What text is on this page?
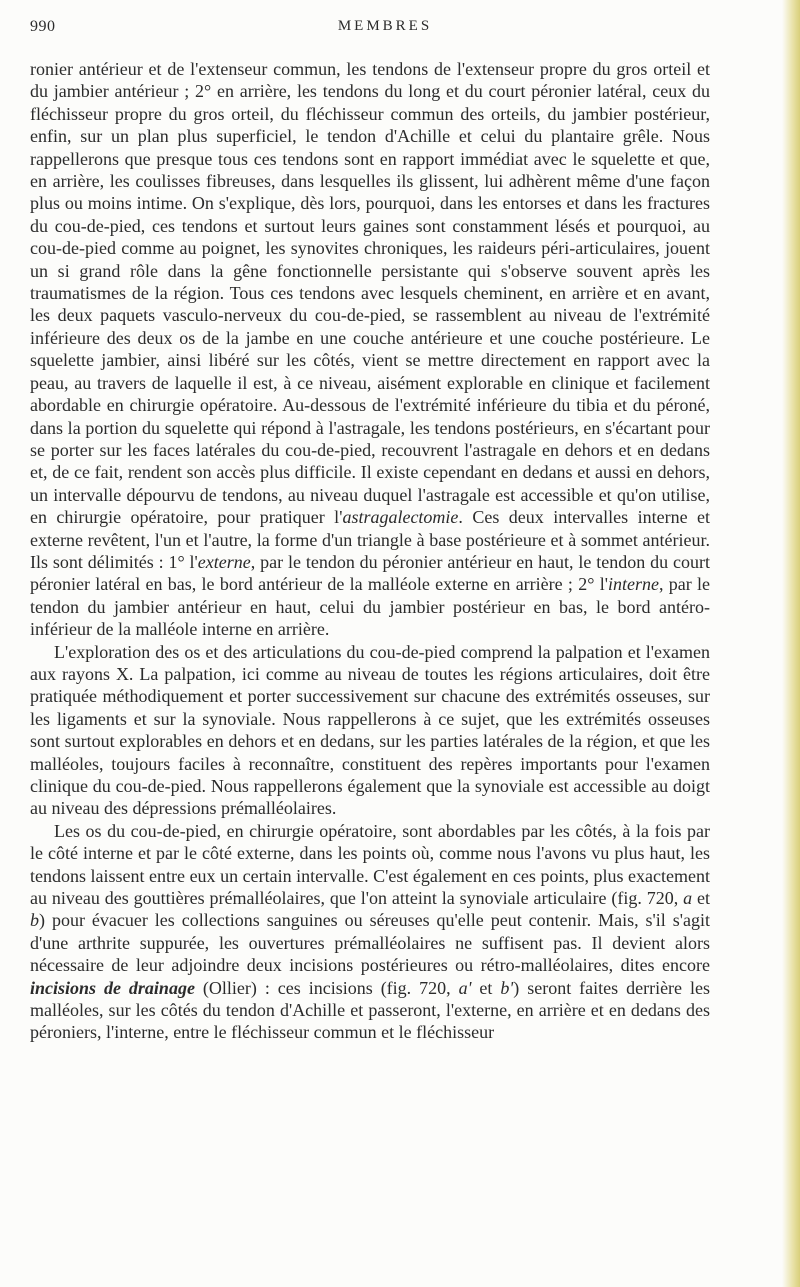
990	MEMBRES

ronier antérieur et de l'extenseur commun, les tendons de l'extenseur propre du gros orteil et du jambier antérieur ; 2° en arrière, les tendons du long et du court péronier latéral, ceux du fléchisseur propre du gros orteil, du fléchisseur commun des orteils, du jambier postérieur, enfin, sur un plan plus superficiel, le tendon d'Achille et celui du plantaire grêle. Nous rappellerons que presque tous ces tendons sont en rapport immédiat avec le squelette et que, en arrière, les coulisses fibreuses, dans lesquelles ils glissent, lui adhèrent même d'une façon plus ou moins intime. On s'explique, dès lors, pourquoi, dans les entorses et dans les fractures du cou-de-pied, ces tendons et surtout leurs gaines sont constamment lésés et pourquoi, au cou-de-pied comme au poignet, les synovites chroniques, les raideurs péri-articulaires, jouent un si grand rôle dans la gêne fonctionnelle persistante qui s'observe souvent après les traumatismes de la région. Tous ces tendons avec lesquels cheminent, en arrière et en avant, les deux paquets vasculo-nerveux du cou-de-pied, se rassemblent au niveau de l'extrémité inférieure des deux os de la jambe en une couche antérieure et une couche postérieure. Le squelette jambier, ainsi libéré sur les côtés, vient se mettre directement en rapport avec la peau, au travers de laquelle il est, à ce niveau, aisément explorable en clinique et facilement abordable en chirurgie opératoire. Au-dessous de l'extrémité inférieure du tibia et du péroné, dans la portion du squelette qui répond à l'astragale, les tendons postérieurs, en s'écartant pour se porter sur les faces latérales du cou-de-pied, recouvrent l'astragale en dehors et en dedans et, de ce fait, rendent son accès plus difficile. Il existe cependant en dedans et aussi en dehors, un intervalle dépourvu de tendons, au niveau duquel l'astragale est accessible et qu'on utilise, en chirurgie opératoire, pour pratiquer l'astragalectomie. Ces deux intervalles interne et externe revêtent, l'un et l'autre, la forme d'un triangle à base postérieure et à sommet antérieur. Ils sont délimités : 1° l'externe, par le tendon du péronier antérieur en haut, le tendon du court péronier latéral en bas, le bord antérieur de la malléole externe en arrière ; 2° l'interne, par le tendon du jambier antérieur en haut, celui du jambier postérieur en bas, le bord antéro-inférieur de la malléole interne en arrière.

L'exploration des os et des articulations du cou-de-pied comprend la palpation et l'examen aux rayons X. La palpation, ici comme au niveau de toutes les régions articulaires, doit être pratiquée méthodiquement et porter successivement sur chacune des extrémités osseuses, sur les ligaments et sur la synoviale. Nous rappellerons à ce sujet, que les extrémités osseuses sont surtout explorables en dehors et en dedans, sur les parties latérales de la région, et que les malléoles, toujours faciles à reconnaître, constituent des repères importants pour l'examen clinique du cou-de-pied. Nous rappellerons également que la synoviale est accessible au doigt au niveau des dépressions prémalléolaires.

Les os du cou-de-pied, en chirurgie opératoire, sont abordables par les côtés, à la fois par le côté interne et par le côté externe, dans les points où, comme nous l'avons vu plus haut, les tendons laissent entre eux un certain intervalle. C'est également en ces points, plus exactement au niveau des gouttières prémalléolaires, que l'on atteint la synoviale articulaire (fig. 720, a et b) pour évacuer les collections sanguines ou séreuses qu'elle peut contenir. Mais, s'il s'agit d'une arthrite suppurée, les ouvertures prémalléolaires ne suffisent pas. Il devient alors nécessaire de leur adjoindre deux incisions postérieures ou rétro-malléolaires, dites encore incisions de drainage (Ollier) : ces incisions (fig. 720, a' et b') seront faites derrière les malléoles, sur les côtés du tendon d'Achille et passeront, l'externe, en arrière et en dedans des péroniers, l'interne, entre le fléchisseur commun et le fléchisseur
